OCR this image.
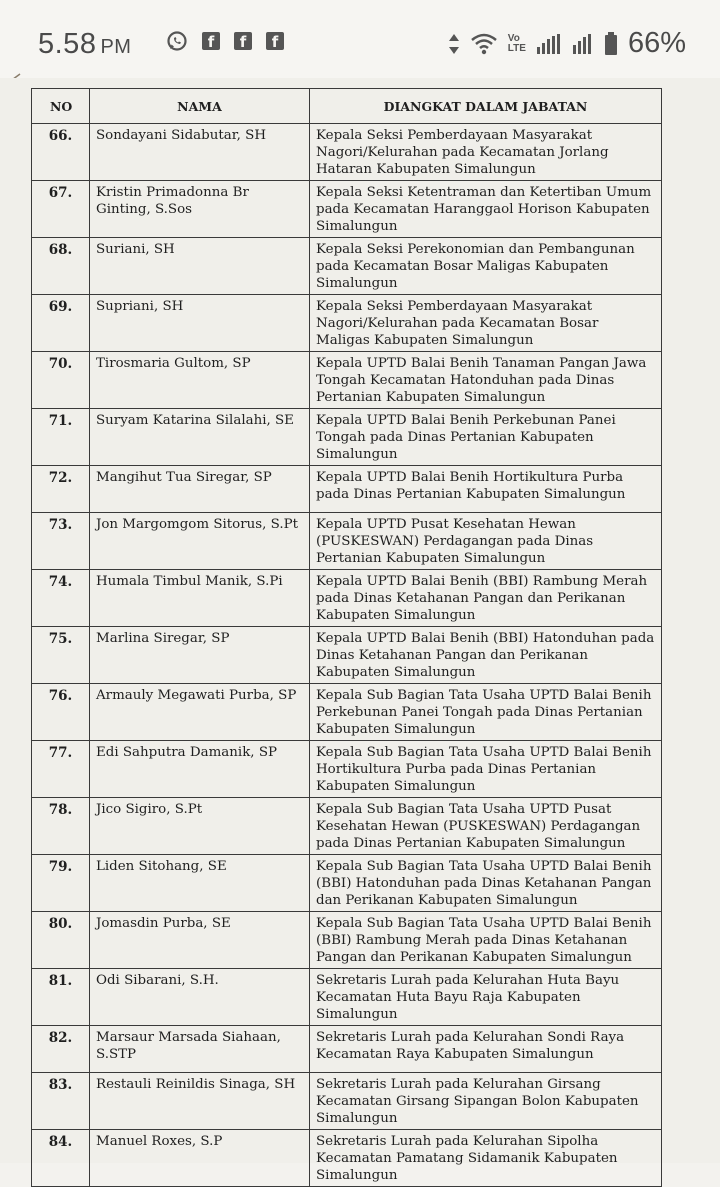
5.58 PM	f	f	f	Vo
LTE	66%
NO	NAMA	DIANGKAT DALAM JABATAN
66.	Sondayani Sidabutar, SH	Kepala Seksi Pemberdayaan Masyarakat Nagori/Kelurahan pada Kecamatan Jorlang Hataran Kabupaten Simalungun
67.	Kristin Primadonna Br Ginting, S.Sos	Kepala Seksi Ketentraman dan Ketertiban Umum pada Kecamatan Haranggaol Horison Kabupaten Simalungun
68.	Suriani, SH	Kepala Seksi Perekonomian dan Pembangunan pada Kecamatan Bosar Maligas Kabupaten Simalungun
69.	Supriani, SH	Kepala Seksi Pemberdayaan Masyarakat Nagori/Kelurahan pada Kecamatan Bosar Maligas Kabupaten Simalungun
70.	Tirosmaria Gultom, SP	Kepala UPTD Balai Benih Tanaman Pangan Jawa Tongah Kecamatan Hatonduhan pada Dinas Pertanian Kabupaten Simalungun
71.	Suryam Katarina Silalahi, SE	Kepala UPTD Balai Benih Perkebunan Panei Tongah pada Dinas Pertanian Kabupaten Simalungun
72.	Mangihut Tua Siregar, SP	Kepala UPTD Balai Benih Hortikultura Purba pada Dinas Pertanian Kabupaten Simalungun
73.	Jon Margomgom Sitorus, S.Pt	Kepala UPTD Pusat Kesehatan Hewan (PUSKESWAN) Perdagangan pada Dinas Pertanian Kabupaten Simalungun
74.	Humala Timbul Manik, S.Pi	Kepala UPTD Balai Benih (BBI) Rambung Merah pada Dinas Ketahanan Pangan dan Perikanan Kabupaten Simalungun
75.	Marlina Siregar, SP	Kepala UPTD Balai Benih (BBI) Hatonduhan pada Dinas Ketahanan Pangan dan Perikanan Kabupaten Simalungun
76.	Armauly Megawati Purba, SP	Kepala Sub Bagian Tata Usaha UPTD Balai Benih Perkebunan Panei Tongah pada Dinas Pertanian Kabupaten Simalungun
77.	Edi Sahputra Damanik, SP	Kepala Sub Bagian Tata Usaha UPTD Balai Benih Hortikultura Purba pada Dinas Pertanian Kabupaten Simalungun
78.	Jico Sigiro, S.Pt	Kepala Sub Bagian Tata Usaha UPTD Pusat Kesehatan Hewan (PUSKESWAN) Perdagangan pada Dinas Pertanian Kabupaten Simalungun
79.	Liden Sitohang, SE	Kepala Sub Bagian Tata Usaha UPTD Balai Benih (BBI) Hatonduhan pada Dinas Ketahanan Pangan dan Perikanan Kabupaten Simalungun
80.	Jomasdin Purba, SE	Kepala Sub Bagian Tata Usaha UPTD Balai Benih (BBI) Rambung Merah pada Dinas Ketahanan Pangan dan Perikanan Kabupaten Simalungun
81.	Odi Sibarani, S.H.	Sekretaris Lurah pada Kelurahan Huta Bayu Kecamatan Huta Bayu Raja Kabupaten Simalungun
82.	Marsaur Marsada Siahaan, S.STP	Sekretaris Lurah pada Kelurahan Sondi Raya Kecamatan Raya Kabupaten Simalungun
83.	Restauli Reinildis Sinaga, SH	Sekretaris Lurah pada Kelurahan Girsang Kecamatan Girsang Sipangan Bolon Kabupaten Simalungun
84.	Manuel Roxes, S.P	Sekretaris Lurah pada Kelurahan Sipolha Kecamatan Pamatang Sidamanik Kabupaten Simalungun
